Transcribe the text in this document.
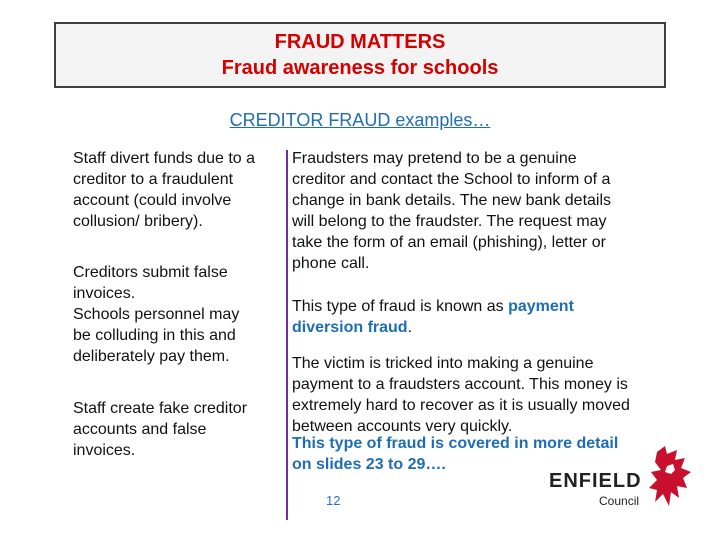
FRAUD MATTERS
Fraud awareness for schools
CREDITOR FRAUD examples…
Staff divert funds due to a
creditor to a fraudulent
account (could involve
collusion/ bribery).
Creditors submit false
invoices.
Schools personnel may
be colluding in this and
deliberately pay them.
Staff create fake creditor
accounts and false
invoices.
Fraudsters may pretend to be a genuine
creditor and contact the School to inform of a
change in bank details. The new bank details
will belong to the fraudster. The request may
take the form of an email (phishing), letter or
phone call.
This type of fraud is known as payment
diversion fraud.
The victim is tricked into making a genuine
payment to a fraudsters account. This money is
extremely hard to recover as it is usually moved
between accounts very quickly.
This type of fraud is covered in more detail
on slides 23 to 29….
12
ENFIELD
Council
